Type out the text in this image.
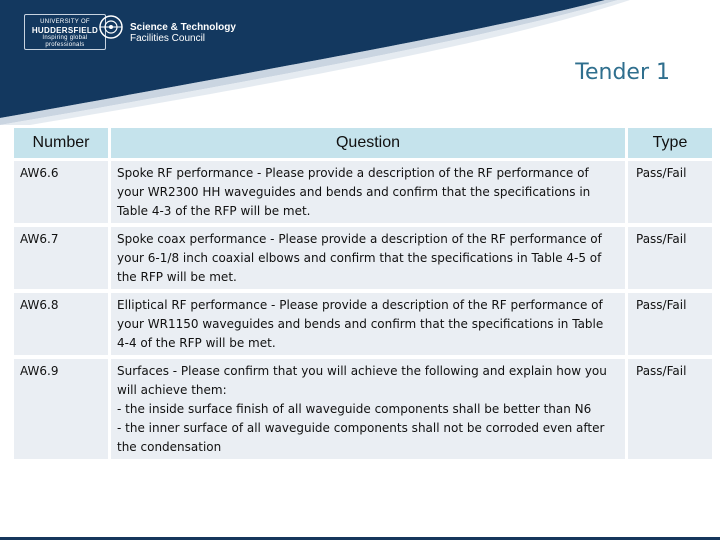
UNIVERSITY OF
HUDDERSFIELD
Inspiring global professionals
Science & Technology
Facilities Council
Tender 1
Number	Question	Type
AW6.6	Spoke RF performance - Please provide a description of the RF performance of your WR2300 HH waveguides and bends and confirm that the specifications in Table 4-3 of the RFP will be met.	Pass/Fail
AW6.7	Spoke coax performance - Please provide a description of the RF performance of your 6-1/8 inch coaxial elbows and confirm that the specifications in Table 4-5 of the RFP will be met.	Pass/Fail
AW6.8	Elliptical RF performance - Please provide a description of the RF performance of your WR1150 waveguides and bends and confirm that the specifications in Table 4-4 of the RFP will be met.	Pass/Fail
AW6.9	Surfaces - Please confirm that you will achieve the following and explain how you will achieve them:
- the inside surface finish of all waveguide components shall be better than N6
- the inner surface of all waveguide components shall not be corroded even after the condensation	Pass/Fail
